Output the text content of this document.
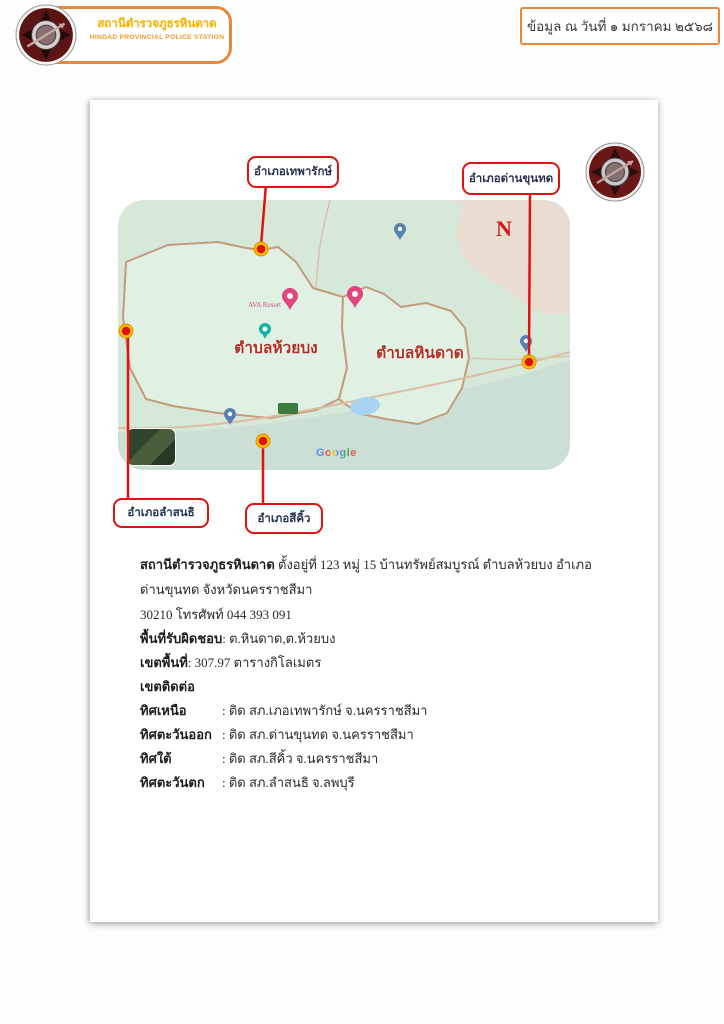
สถานีตำรวจภูธรหินดาด
HINDAD PROVINCIAL POLICE STATION
ข้อมูล ณ วันที่ ๑ มกราคม ๒๕๖๘
ตำบลห้วยบง	ตำบลหินดาด
N
AVA Resort
Google
อำเภอเทพารักษ์
อำเภอด่านขุนทด
อำเภอลำสนธิ	อำเภอสีคิ้ว
สถานีตำรวจภูธรหินดาด ตั้งอยู่ที่ 123 หมู่ 15 บ้านทรัพย์สมบูรณ์ ตำบลห้วยบง อำเภอด่านขุนทด จังหวัดนครราชสีมา
30210 โทรศัพท์ 044 393 091
พื้นที่รับผิดชอบ : ต.หินดาด,ต.ห้วยบง
เขตพื้นที่ : 307.97 ตารางกิโลเมตร
เขตติดต่อ
ทิศเหนือ	: ติด สภ.เภอเทพารักษ์ จ.นครราชสีมา
ทิศตะวันออก : ติด สภ.ด่านขุนทด จ.นครราชสีมา
ทิศใต้	: ติด สภ.สีคิ้ว จ.นครราชสีมา
ทิศตะวันตก	: ติด สภ.ลำสนธิ จ.ลพบุรี
